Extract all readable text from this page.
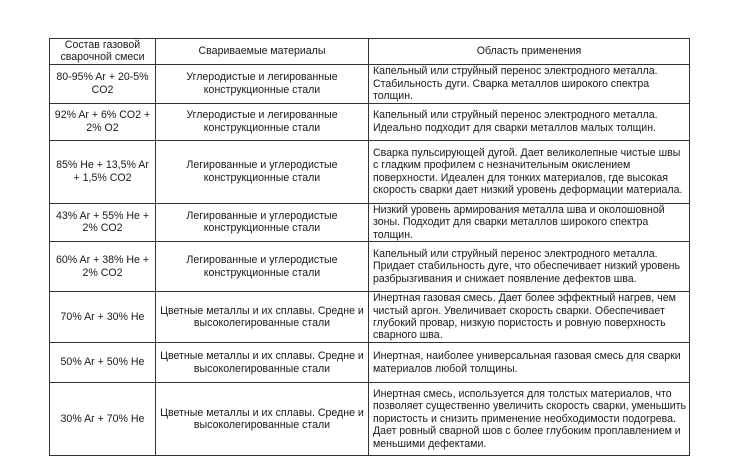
Состав газовой сварочной смеси	Свариваемые материалы	Область применения
80-95% Ar + 20-5% CO2	Углеродистые и легированные конструкционные стали	Капельный или струйный перенос электродного металла. Стабильность дуги. Сварка металлов широкого спектра толщин.
92% Ar + 6% CO2 + 2% O2	Углеродистые и легированные конструкционные стали	Капельный или струйный перенос электродного металла. Идеально подходит для сварки металлов малых толщин.
85% He + 13,5% Ar + 1,5% CO2	Легированные и углеродистые конструкционные стали	Сварка пульсирующей дугой. Дает великолепные чистые швы с гладким профилем с незначительным окислением поверхности. Идеален для тонких материалов, где высокая скорость сварки дает низкий уровень деформации материала.
43% Ar + 55% He + 2% CO2	Легированные и углеродистые конструкционные стали	Низкий уровень армирования металла шва и околошовной зоны. Подходит для сварки металлов широкого спектра толщин.
60% Ar + 38% He + 2% CO2	Легированные и углеродистые конструкционные стали	Капельный или струйный перенос электродного металла. Придает стабильность дуге, что обеспечивает низкий уровень разбрызгивания и снижает появление дефектов шва.
70% Ar + 30% He	Цветные металлы и их сплавы. Средне и высоколегированные стали	Инертная газовая смесь. Дает более эффектный нагрев, чем чистый аргон. Увеличивает скорость сварки. Обеспечивает глубокий провар, низкую пористость и ровную поверхность сварного шва.
50% Ar + 50% He	Цветные металлы и их сплавы. Средне и высоколегированные стали	Инертная, наиболее универсальная газовая смесь для сварки материалов любой толщины.
30% Ar + 70% He	Цветные металлы и их сплавы. Средне и высоколегированные стали	Инертная смесь, используется для толстых материалов, что позволяет существенно увеличить скорость сварки, уменьшить пористость и снизить применение необходимости подогрева. Дает ровный сварной шов с более глубоким проплавлением и меньшими дефектами.
